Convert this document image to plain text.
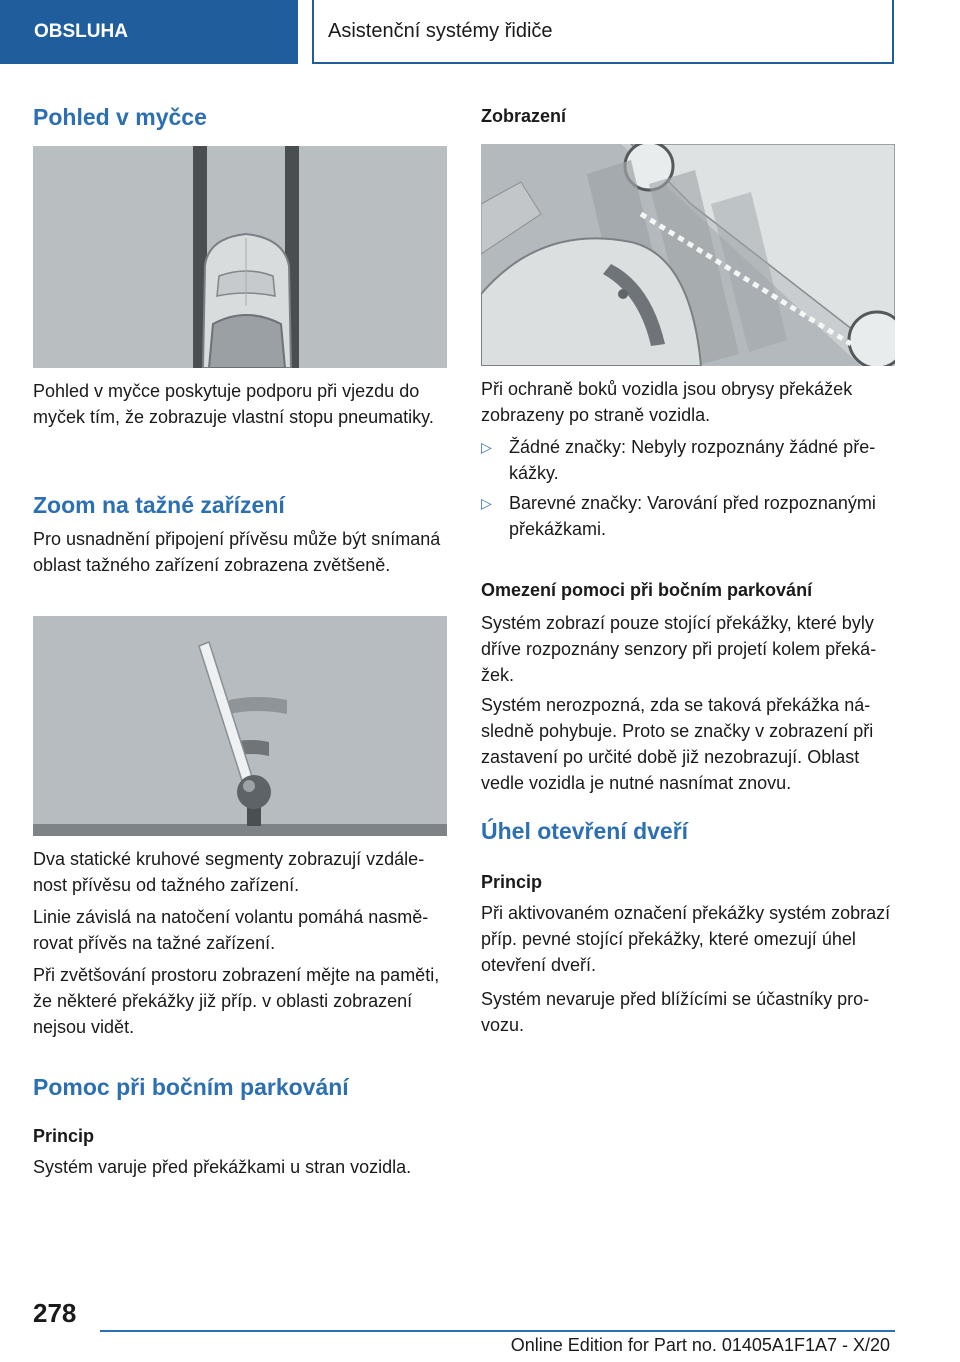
OBSLUHA	Asistenční systémy řidiče
Pohled v myčce

Pohled v myčce poskytuje podporu při vjezdu do myček tím, že zobrazuje vlastní stopu pneumatiky.

Zoom na tažné zařízení

Pro usnadnění připojení přívěsu může být snímaná oblast tažného zařízení zobrazena zvětšeně.

Dva statické kruhové segmenty zobrazují vzdálenost přívěsu od tažného zařízení.

Linie závislá na natočení volantu pomáhá nasměrovat přívěs na tažné zařízení.

Při zvětšování prostoru zobrazení mějte na paměti, že některé překážky již příp. v oblasti zobrazení nejsou vidět.

Pomoc při bočním parkování
Princip

Systém varuje před překážkami u stran vozidla.

Zobrazení

Při ochraně boků vozidla jsou obrysy překážek zobrazeny po straně vozidla.

▷ Žádné značky: Nebyly rozpoznány žádné překážky.
▷ Barevné značky: Varování před rozpoznanými překážkami.
Omezení pomoci při bočním parkování

Systém zobrazí pouze stojící překážky, které byly dříve rozpoznány senzory při projetí kolem překážek.

Systém nerozpozná, zda se taková překážka následně pohybuje. Proto se značky v zobrazení při zastavení po určité době již nezobrazují. Oblast vedle vozidla je nutné nasnímat znovu.

Úhel otevření dveří
Princip

Při aktivovaném označení překážky systém zobrazí příp. pevné stojící překážky, které omezují úhel otevření dveří.

Systém nevaruje před blížícími se účastníky provozu.

278
Online Edition for Part no. 01405A1F1A7 - X/20
